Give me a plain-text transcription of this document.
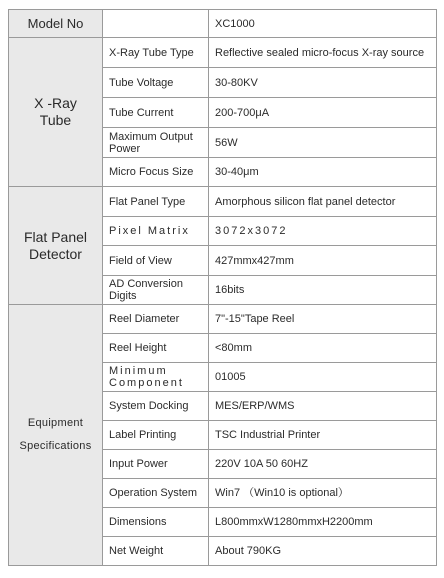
Model No		XC1000

X -Ray
Tube	X-Ray Tube Type	Reflective sealed micro-focus X-ray source
	Tube Voltage	30-80KV
	Tube Current	200-700μA
	Maximum Output Power	56W
	Micro Focus Size	30-40μm

Flat Panel
Detector	Flat Panel Type	Amorphous silicon flat panel detector
	Pixel Matrix	3072x3072
	Field of View	427mmx427mm
	AD Conversion Digits	16bits

Equipment
Specifications	Reel Diameter	7"-15"Tape Reel
	Reel Height	<80mm
	Minimum Component	01005
	System Docking	MES/ERP/WMS
	Label Printing	TSC Industrial Printer
	Input Power	220V 10A 50 60HZ
	Operation System	Win7 （Win10 is optional）
	Dimensions	L800mmxW1280mmxH2200mm
	Net Weight	About 790KG
